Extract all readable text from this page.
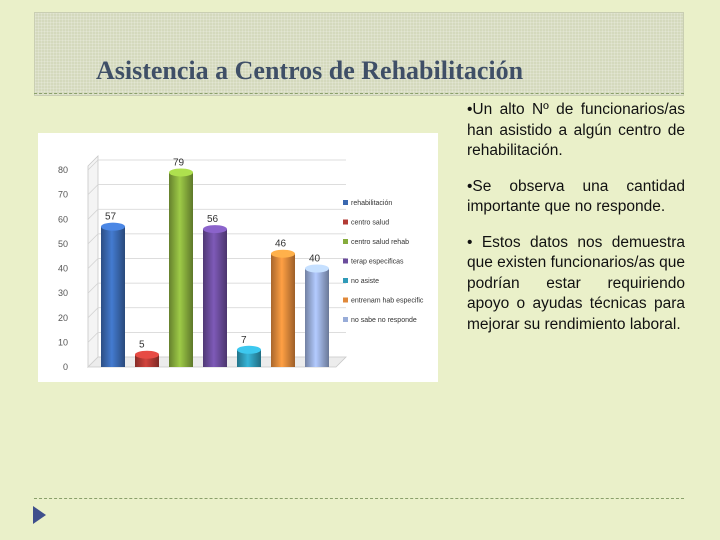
Asistencia a Centros de Rehabilitación
0
10
20
30
40
50
60
70
80
57
5
79
56
7
46
40
rehabilitación
centro salud
centro salud rehab
terap especificas
no asiste
entrenam hab especific
no sabe no responde

•Un alto Nº de funcionarios/as han asistido a algún centro de rehabilitación.

•Se observa una cantidad importante que no responde.

• Estos datos nos demuestra que existen funcionarios/as que podrían estar requiriendo apoyo o ayudas técnicas para mejorar su rendimiento laboral.
